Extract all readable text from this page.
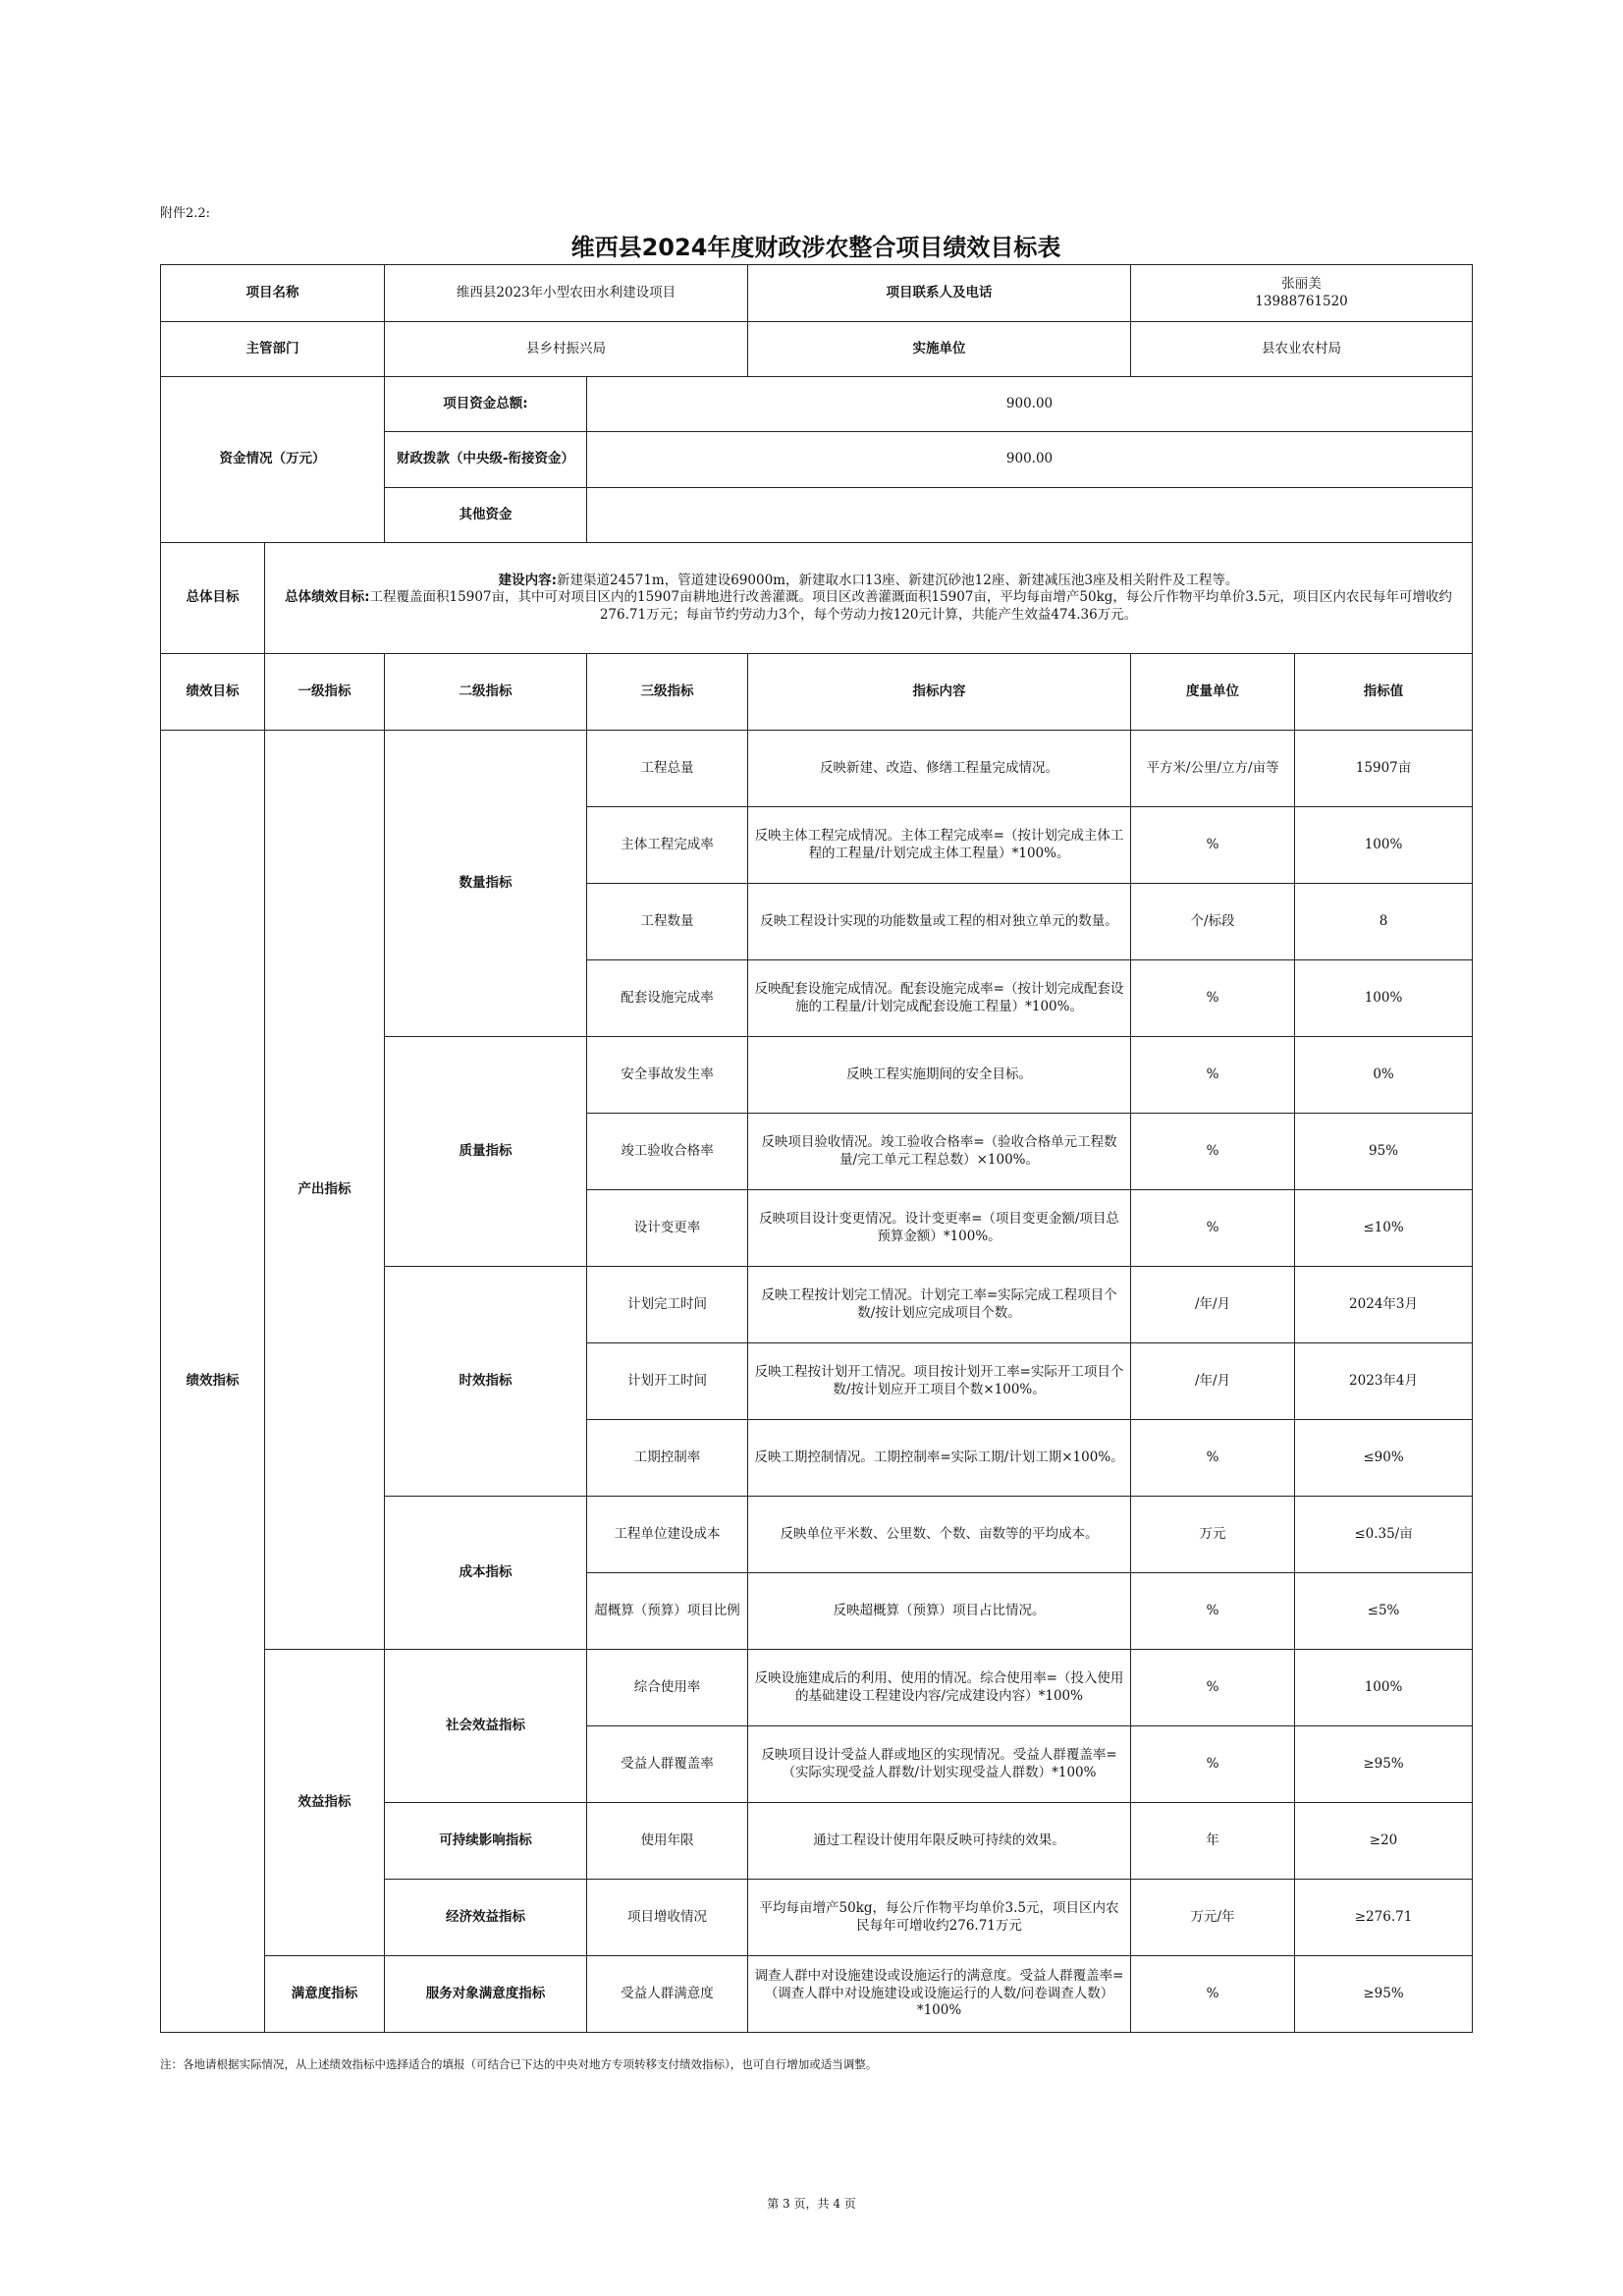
附件2.2:
维西县2024年度财政涉农整合项目绩效目标表
项目名称		维西县2023年小型农田水利建设项目		项目联系人及电话	张丽美
13988761520	

主管部门		县乡村振兴局		实施单位	县农业农村局	
资金情况（万元）		项目资金总额:	900.00			
		财政拨款（中央级-衔接资金）	900.00			
		其他资金				
总体目标	建设内容:新建渠道24571m，管道建设69000m，新建取水口13座、新建沉砂池12座、新建减压池3座及相关附件及工程等。
总体绩效目标:工程覆盖面积15907亩，其中可对项目区内的15907亩耕地进行改善灌溉。项目区改善灌溉面积15907亩，平均每亩增产50kg，每公斤作物平均单价3.5元，项目区内农民每年可增收约276.71万元；每亩节约劳动力3个，每个劳动力按120元计算，共能产生效益474.36万元。					

绩效目标	一级指标	二级指标	三级指标	指标内容	度量单位	指标值
绩效指标	产出指标	数量指标	工程总量	反映新建、改造、修缮工程量完成情况。	平方米/公里/立方/亩等	15907亩
			主体工程完成率	反映主体工程完成情况。主体工程完成率=（按计划完成主体工程的工程量/计划完成主体工程量）*100%。	%	100%
			工程数量	反映工程设计实现的功能数量或工程的相对独立单元的数量。	个/标段	8
			配套设施完成率	反映配套设施完成情况。配套设施完成率=（按计划完成配套设施的工程量/计划完成配套设施工程量）*100%。	%	100%
		质量指标	安全事故发生率	反映工程实施期间的安全目标。	%	0%
			竣工验收合格率	反映项目验收情况。竣工验收合格率=（验收合格单元工程数量/完工单元工程总数）×100%。	%	95%
			设计变更率	反映项目设计变更情况。设计变更率=（项目变更金额/项目总预算金额）*100%。	%	≤10%
		时效指标	计划完工时间	反映工程按计划完工情况。计划完工率=实际完成工程项目个数/按计划应完成项目个数。	/年/月	2024年3月
			计划开工时间	反映工程按计划开工情况。项目按计划开工率=实际开工项目个数/按计划应开工项目个数×100%。	/年/月	2023年4月
			工期控制率	反映工期控制情况。工期控制率=实际工期/计划工期×100%。	%	≤90%
		成本指标	工程单位建设成本	反映单位平米数、公里数、个数、亩数等的平均成本。	万元	≤0.35/亩
			超概算（预算）项目比例	反映超概算（预算）项目占比情况。	%	≤5%
	效益指标	社会效益指标	综合使用率	反映设施建成后的利用、使用的情况。综合使用率=（投入使用的基础建设工程建设内容/完成建设内容）*100%	%	100%
			受益人群覆盖率	反映项目设计受益人群或地区的实现情况。受益人群覆盖率=（实际实现受益人群数/计划实现受益人群数）*100%	%	≥95%
		可持续影响指标	使用年限	通过工程设计使用年限反映可持续的效果。	年	≥20
		经济效益指标	项目增收情况	平均每亩增产50kg，每公斤作物平均单价3.5元，项目区内农民每年可增收约276.71万元	万元/年	≥276.71
	满意度指标	服务对象满意度指标	受益人群满意度	调查人群中对设施建设或设施运行的满意度。受益人群覆盖率=（调查人群中对设施建设或设施运行的人数/问卷调查人数）*100%	%	≥95%
注：各地请根据实际情况，从上述绩效指标中选择适合的填报（可结合已下达的中央对地方专项转移支付绩效指标），也可自行增加或适当调整。
第 3 页，共 4 页
